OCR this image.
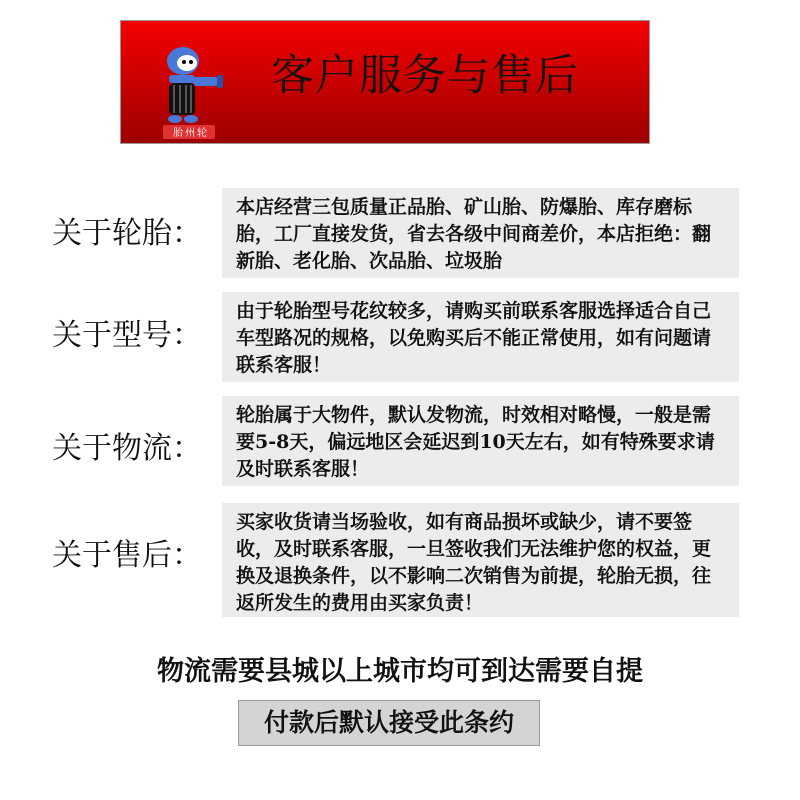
胎州轮
客户服务与售后
关于轮胎：
本店经营三包质量正品胎、矿山胎、防爆胎、库存磨标胎，工厂直接发货，省去各级中间商差价，本店拒绝：翻新胎、老化胎、次品胎、垃圾胎
关于型号：
由于轮胎型号花纹较多，请购买前联系客服选择适合自己车型路况的规格，以免购买后不能正常使用，如有问题请联系客服！
关于物流：
轮胎属于大物件，默认发物流，时效相对略慢，一般是需要5-8天，偏远地区会延迟到10天左右，如有特殊要求请及时联系客服！
关于售后：
买家收货请当场验收，如有商品损坏或缺少，请不要签收，及时联系客服，一旦签收我们无法维护您的权益，更换及退换条件，以不影响二次销售为前提，轮胎无损，往返所发生的费用由买家负责！
物流需要县城以上城市均可到达需要自提
付款后默认接受此条约
